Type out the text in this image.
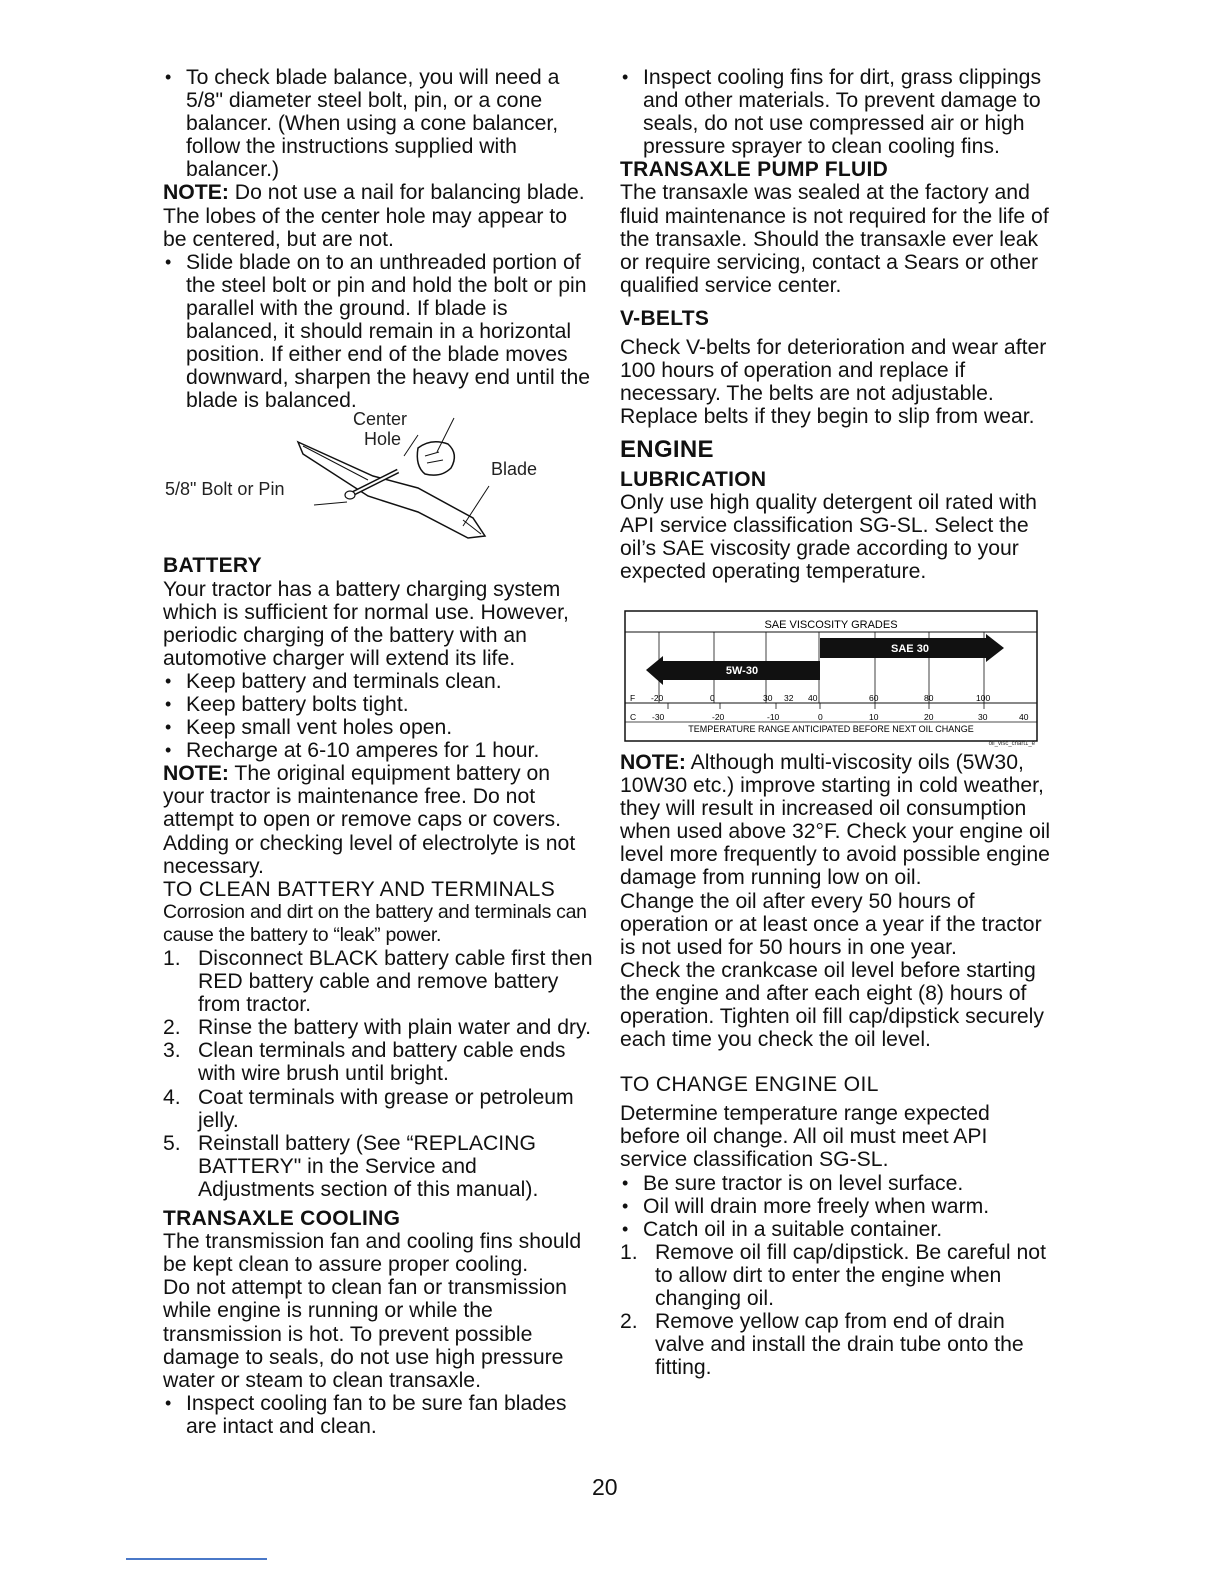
• To check blade balance, you will need a 5/8" diameter steel bolt, pin, or a cone balancer. (When using a cone balancer, follow the instructions supplied with balancer.)

NOTE: Do not use a nail for balancing blade. The lobes of the center hole may appear to be centered, but are not.

• Slide blade on to an unthreaded portion of the steel bolt or pin and hold the bolt or pin parallel with the ground. If blade is balanced, it should remain in a horizontal position. If either end of the blade moves downward, sharpen the heavy end until the blade is balanced.

Center
Hole
Blade
5/8" Bolt or Pin

BATTERY

Your tractor has a battery charging system which is sufficient for normal use. However, periodic charging of the battery with an automotive charger will extend its life.

• Keep battery and terminals clean.

• Keep battery bolts tight.

• Keep small vent holes open.

• Recharge at 6-10 amperes for 1 hour.

NOTE: The original equipment battery on your tractor is maintenance free. Do not attempt to open or remove caps or covers. Adding or checking level of electrolyte is not necessary.

TO CLEAN BATTERY AND TERMINALS

Corrosion and dirt on the battery and terminals can cause the battery to “leak” power.

1. Disconnect BLACK battery cable first then RED battery cable and remove battery from tractor.

2. Rinse the battery with plain water and dry.

3. Clean terminals and battery cable ends with wire brush until bright.

4. Coat terminals with grease or petroleum jelly.

5. Reinstall battery (See “REPLACING BATTERY" in the Service and Adjustments section of this manual).

TRANSAXLE COOLING

The transmission fan and cooling fins should be kept clean to assure proper cooling.

Do not attempt to clean fan or transmission while engine is running or while the transmission is hot. To prevent possible damage to seals, do not use high pressure water or steam to clean transaxle.

• Inspect cooling fan to be sure fan blades are intact and clean.

• Inspect cooling fins for dirt, grass clippings and other materials. To prevent damage to seals, do not use compressed air or high pressure sprayer to clean cooling fins.

TRANSAXLE PUMP FLUID

The transaxle was sealed at the factory and fluid maintenance is not required for the life of the transaxle. Should the transaxle ever leak or require servicing, contact a Sears or other qualified service center.

V-BELTS

Check V-belts for deterioration and wear after 100 hours of operation and replace if necessary. The belts are not adjustable. Replace belts if they begin to slip from wear.

ENGINE

LUBRICATION

Only use high quality detergent oil rated with API service classification SG-SL. Select the oil’s SAE viscosity grade according to your expected operating temperature.

SAE VISCOSITY GRADES
SAE 30
5W-30
F -20	0	30 32 40	60	80	100
C -30	-20	-10	0	10	20	30	40
TEMPERATURE RANGE ANTICIPATED BEFORE NEXT OIL CHANGE
oil_visc_chart1_e

NOTE: Although multi-viscosity oils (5W30, 10W30 etc.) improve starting in cold weather, they will result in increased oil consumption when used above 32°F. Check your engine oil level more frequently to avoid possible engine damage from running low on oil.

Change the oil after every 50 hours of operation or at least once a year if the tractor is not used for 50 hours in one year.

Check the crankcase oil level before starting the engine and after each eight (8) hours of operation. Tighten oil fill cap/dipstick securely each time you check the oil level.

TO CHANGE ENGINE OIL

Determine temperature range expected before oil change. All oil must meet API service classification SG-SL.

• Be sure tractor is on level surface.

• Oil will drain more freely when warm.

• Catch oil in a suitable container.

1. Remove oil fill cap/dipstick. Be careful not to allow dirt to enter the engine when changing oil.

2. Remove yellow cap from end of drain valve and install the drain tube onto the fitting.

20
